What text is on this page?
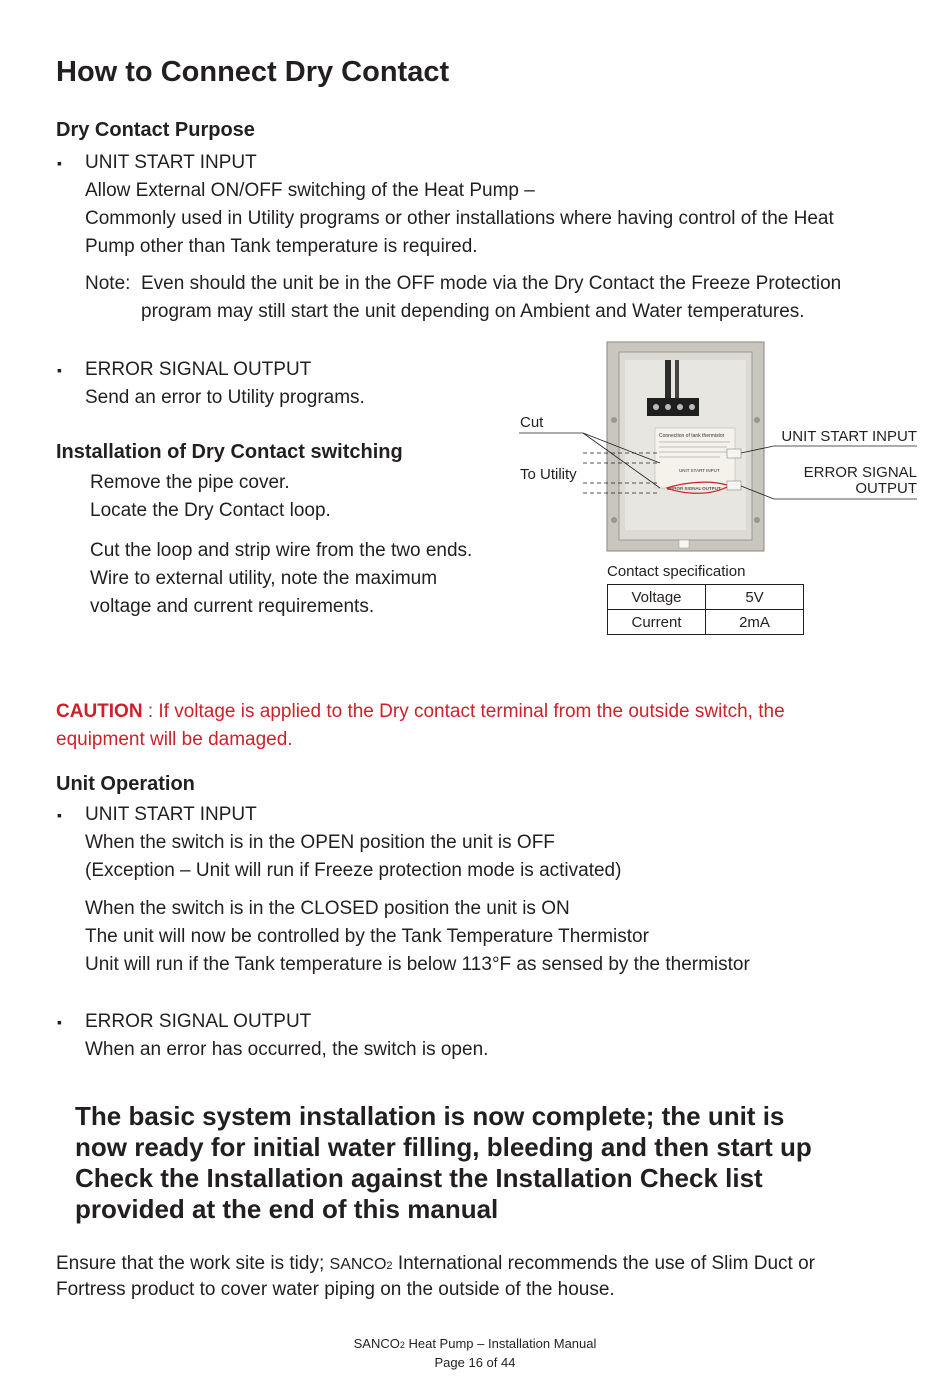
How to Connect Dry Contact
Dry Contact Purpose
▪ UNIT START INPUT
Allow External ON/OFF switching of the Heat Pump –
Commonly used in Utility programs or other installations where having control of the Heat
Pump other than Tank temperature is required.
Note: Even should the unit be in the OFF mode via the Dry Contact the Freeze Protection
program may still start the unit depending on Ambient and Water temperatures.
▪ ERROR SIGNAL OUTPUT
Send an error to Utility programs.
Installation of Dry Contact switching
Remove the pipe cover.
Locate the Dry Contact loop.
Cut the loop and strip wire from the two ends.
Wire to external utility, note the maximum
voltage and current requirements.
Connection of tank thermistor
UNIT START INPUT
ERROR SIGNAL OUTPUT
Cut
To Utility
UNIT START INPUT
ERROR SIGNAL
OUTPUT
Contact specification
Voltage	5V
Current	2mA
CAUTION : If voltage is applied to the Dry contact terminal from the outside switch, the
equipment will be damaged.
Unit Operation
▪ UNIT START INPUT
When the switch is in the OPEN position the unit is OFF
(Exception – Unit will run if Freeze protection mode is activated)
When the switch is in the CLOSED position the unit is ON
The unit will now be controlled by the Tank Temperature Thermistor
Unit will run if the Tank temperature is below 113°F as sensed by the thermistor
▪ ERROR SIGNAL OUTPUT
When an error has occurred, the switch is open.
The basic system installation is now complete; the unit is
now ready for initial water filling, bleeding and then start up
Check the Installation against the Installation Check list
provided at the end of this manual
Ensure that the work site is tidy; SANCO2 International recommends the use of Slim Duct or
Fortress product to cover water piping on the outside of the house.
SANCO2 Heat Pump – Installation Manual
Page 16 of 44
